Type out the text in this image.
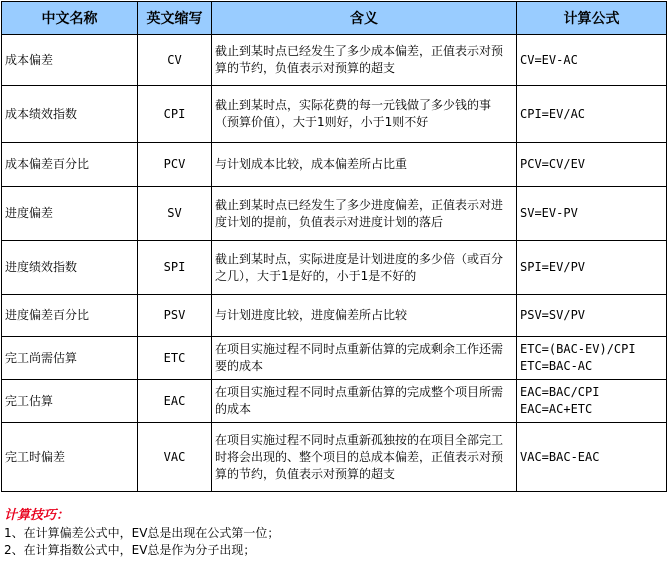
中文名称	英文缩写	含义	计算公式
成本偏差	CV	截止到某时点已经发生了多少成本偏差，正值表示对预算的节约，负值表示对预算的超支	CV=EV-AC

成本绩效指数	CPI	截止到某时点，实际花费的每一元钱做了多少钱的事（预算价值），大于1则好，小于1则不好	CPI=EV/AC

成本偏差百分比	PCV	与计划成本比较，成本偏差所占比重	PCV=CV/EV

进度偏差	SV	截止到某时点已经发生了多少进度偏差，正值表示对进度计划的提前，负值表示对进度计划的落后	SV=EV-PV

进度绩效指数	SPI	截止到某时点，实际进度是计划进度的多少倍（或百分之几），大于1是好的，小于1是不好的	SPI=EV/PV

进度偏差百分比	PSV	与计划进度比较，进度偏差所占比较	PSV=SV/PV

完工尚需估算	ETC	在项目实施过程不同时点重新估算的完成剩余工作还需要的成本	ETC=(BAC-EV)/CPI
ETC=BAC-AC

完工估算	EAC	在项目实施过程不同时点重新估算的完成整个项目所需的成本	EAC=BAC/CPI
EAC=AC+ETC

完工时偏差	VAC	在项目实施过程不同时点重新孤独按的在项目全部完工时将会出现的、整个项目的总成本偏差，正值表示对预算的节约，负值表示对预算的超支	VAC=BAC-EAC
计算技巧：
1、在计算偏差公式中，EV总是出现在公式第一位；
2、在计算指数公式中，EV总是作为分子出现；
